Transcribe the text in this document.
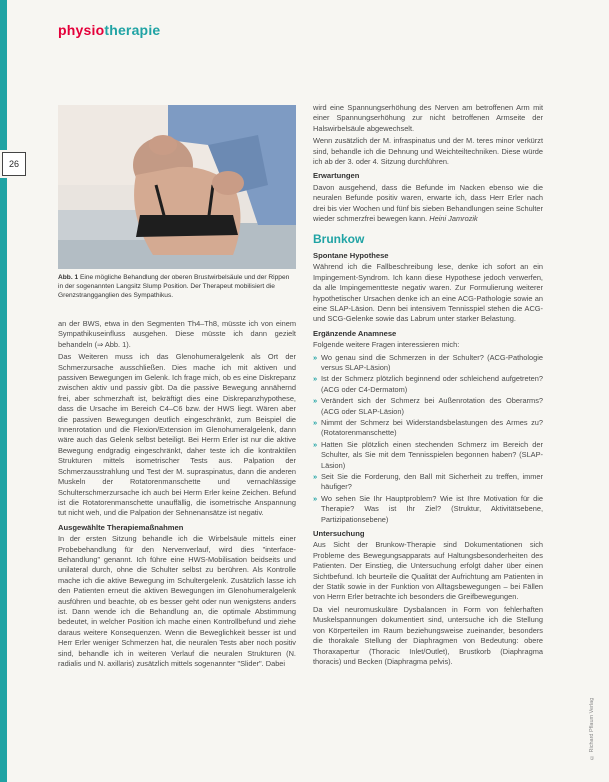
26
physiotherapie
Abb. 1 Eine mögliche Behandlung der oberen Brustwirbelsäule und der Rippen in der sogenannten Langsitz Slump Position. Der Therapeut mobilisiert die Grenzstrangganglien des Sympathikus.

an der BWS, etwa in den Segmenten Th4–Th8, müsste ich von einem Sympathikuseinfluss ausgehen. Diese müsste ich dann gezielt behandeln (⇒ Abb. 1).

Das Weiteren muss ich das Glenohumeralgelenk als Ort der Schmerzursache ausschließen. Dies mache ich mit aktiven und passiven Bewegungen im Gelenk. Ich frage mich, ob es eine Diskrepanz zwischen aktiv und passiv gibt. Da die passive Bewegung annähernd frei, aber schmerzhaft ist, bekräftigt dies eine Diskrepanzhypothese, dass die Ursache im Bereich C4–C6 bzw. der HWS liegt. Wären aber die passiven Bewegungen deutlich eingeschränkt, zum Beispiel die Innenrotation und die Flexion/Extension im Glenohumeralgelenk, dann wäre auch das Gelenk selbst beteiligt. Bei Herrn Erler ist nur die aktive Bewegung endgradig eingeschränkt, daher teste ich die kontraktilen Strukturen mittels isometrischer Tests aus. Palpation der Schmerzausstrahlung und Test der M. supraspinatus, dann die anderen Muskeln der Rotatorenmanschette und vernachlässige Schulterschmerzursache ich auch bei Herrn Erler keine Zeichen. Befund ist die Rotatorenmanschette unauffällig, die isometrische Anspannung tut nicht weh, und die Palpation der Sehnenansätze ist negativ.

Ausgewählte Therapiemaßnahmen

In der ersten Sitzung behandle ich die Wirbelsäule mittels einer Probebehandlung für den Nervenverlauf, wird dies "interface-Behandlung" genannt. Ich führe eine HWS-Mobilisation beidseits und unilateral durch, ohne die Schulter selbst zu berühren. Als Kontrolle mache ich die aktive Bewegung im Schultergelenk. Zusätzlich lasse ich den Patienten erneut die aktiven Bewegungen im Glenohumeralgelenk ausführen und beachte, ob es besser geht oder nun wenigstens anders ist. Dann wende ich die Behandlung an, die optimale Abstimmung bedeutet, in welcher Position ich mache einen Kontrollbefund und ziehe daraus weitere Konsequenzen. Wenn die Beweglichkeit besser ist und Herr Erler weniger Schmerzen hat, die neuralen Tests aber noch positiv sind, behandle ich in weiteren Verlauf die neuralen Strukturen (N. radialis und N. axillaris) zusätzlich mittels sogenannter "Slider". Dabei

wird eine Spannungserhöhung des Nerven am betroffenen Arm mit einer Spannungserhöhung zur nicht betroffenen Armseite der Halswirbelsäule abgewechselt.

Wenn zusätzlich der M. infraspinatus und der M. teres minor verkürzt sind, behandle ich die Dehnung und Weichteiltechniken. Diese würde ich ab der 3. oder 4. Sitzung durchführen.

Erwartungen

Davon ausgehend, dass die Befunde im Nacken ebenso wie die neuralen Befunde positiv waren, erwarte ich, dass Herr Erler nach drei bis vier Wochen und fünf bis sieben Behandlungen seine Schulter wieder schmerzfrei bewegen kann. Heini Jamrozik

Brunkow
Spontane Hypothese

Während ich die Fallbeschreibung lese, denke ich sofort an ein Impingement-Syndrom. Ich kann diese Hypothese jedoch verwerfen, da alle Impingementteste negativ waren. Zur Formulierung weiterer hypothetischer Ursachen denke ich an eine ACG-Pathologie sowie an eine SLAP-Läsion. Denn bei intensivem Tennisspiel stehen die ACG- und SCG-Gelenke sowie das Labrum unter starker Belastung.

Ergänzende Anamnese

Folgende weitere Fragen interessieren mich:

» Wo genau sind die Schmerzen in der Schulter? (ACG-Pathologie versus SLAP-Läsion)
» Ist der Schmerz plötzlich beginnend oder schleichend aufgetreten? (ACG oder C4-Dermatom)
» Verändert sich der Schmerz bei Außenrotation des Oberarms? (ACG oder SLAP-Läsion)
» Nimmt der Schmerz bei Widerstandsbelastungen des Armes zu? (Rotatorenmanschette)
» Hatten Sie plötzlich einen stechenden Schmerz im Bereich der Schulter, als Sie mit dem Tennisspielen begonnen haben? (SLAP-Läsion)
» Seit Sie die Forderung, den Ball mit Sicherheit zu treffen, immer häufiger?
» Wo sehen Sie Ihr Hauptproblem? Wie ist Ihre Motivation für die Therapie? Was ist Ihr Ziel? (Struktur, Aktivitätsebene, Partizipationsebene)
Untersuchung

Aus Sicht der Brunkow-Therapie sind Dokumentationen sich Probleme des Bewegungsapparats auf Haltungsbesonderheiten des Patienten. Der Einstieg, die Untersuchung erfolgt daher über einen Sichtbefund. Ich beurteile die Qualität der Aufrichtung am Patienten in der Statik sowie in der Funktion von Alltagsbewegungen – bei Fällen von Herrn Erler betrachte ich besonders die Greifbewegungen.

Da viel neuromuskuläre Dysbalancen in Form von fehlerhaften Muskelspannungen dokumentiert sind, untersuche ich die Stellung von Körperteilen im Raum beziehungsweise zueinander, besonders die thorakale Stellung der Diaphragmen von Bedeutung: obere Thoraxapertur (Thoracic Inlet/Outlet), Brustkorb (Diaphragma thoracis) und Becken (Diaphragma pelvis).

© Richard Pflaum Verlag
